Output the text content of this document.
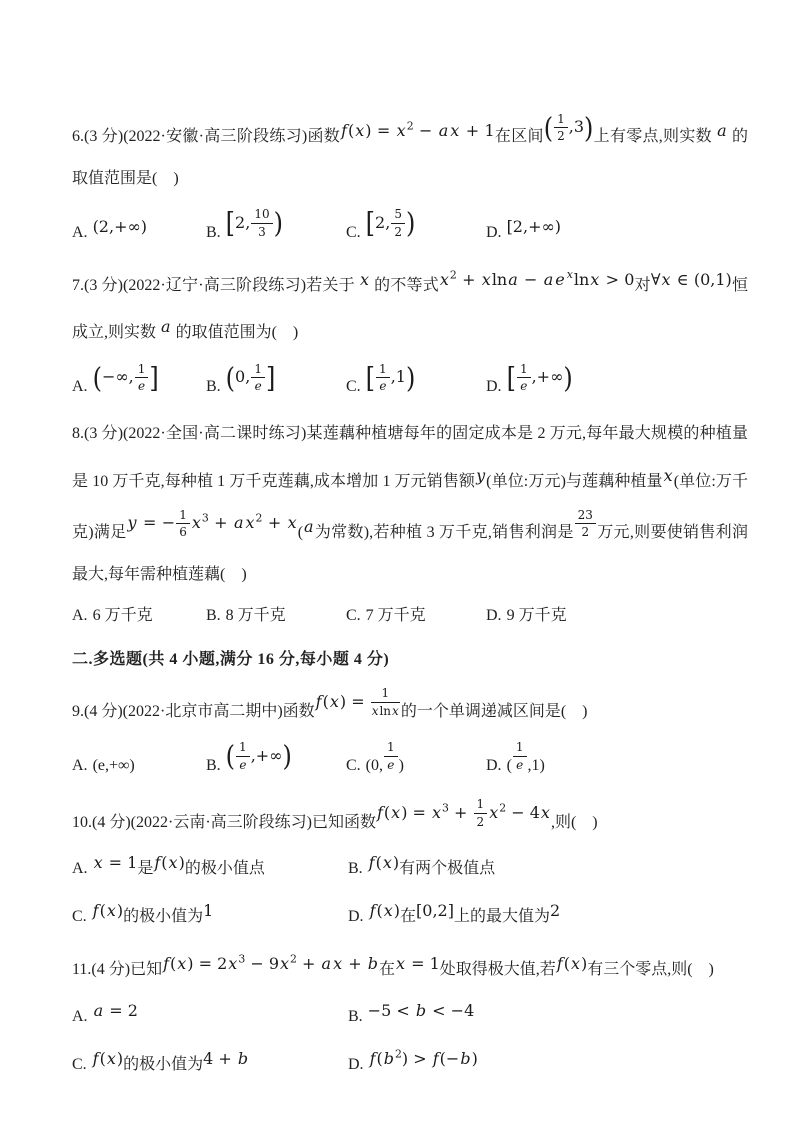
6.(3 分)(2022·安徽·高三阶段练习)函数$f(x) = x^2 - a$ x + 1在区间( $\frac{1}{2} ,3$)上有零点,则实数 a 的取值范围是(　)

A. (2,+∞)	B. [2, $\frac{10}{3}$ )	C. [2, $\frac{5}{2}$ )	D. [2,+∞)

7.(3 分)(2022·辽宁·高三阶段练习)若关于 x 的不等式$x^2 + xlna - a$ e $^x$lnx > 0对∀x ∈ (0,1)恒成立,则实数 a 的取值范围为(　)

A. (−∞, $\frac{1}{e}$ ]	B. (0, $\frac{1}{e}$ ]	C. [ $\frac{1}{e} ,1$)	D. [ $\frac{1}{e}$ ,+∞)

8.(3 分)(2022·全国·高二课时练习)某莲藕种植塘每年的固定成本是 2 万元,每年最大规模的种植量是 10 万千克,每种植 1 万千克莲藕,成本增加 1 万元销售额y(单位:万元)与莲藕种植量x(单位:万千克)满足y = − $\frac{1}{6} x^3 + a$ $x^2 + x(a$为常数),若种植 3 万千克,销售利润是 $\frac{23}{2}$ 万元,则要使销售利润最大,每年需种植莲藕(　)

A. 6 万千克	B. 8 万千克	C. 7 万千克	D. 9 万千克
二.多选题(共 4 小题,满分 16 分,每小题 4 分)

9.(4 分)(2022·北京市高二期中)函数$f(x) = \frac{1}{xlnx}$ 的一个单调递减区间是(　)

A. (e,+∞)	B. ( $\frac{1}{e}$ ,+∞)	C. (0, $\frac{1}{e}$ )	D. ( $\frac{1}{e} ,1$)

10.(4 分)(2022·云南·高三阶段练习)已知函数$f(x) = x^3 + \frac{1}{2} x^2 - 4x$,则(　)

A. x = 1是f(x)的极小值点	B. f(x)有两个极值点
C. f(x)的极小值为1	D. f(x)在[0,2]上的最大值为2

11.(4 分)已知$f(x) = 2x^3 - 9x^2 + a$ x + b在x = 1处取得极大值,若f(x)有三个零点,则(　)

A. a = 2	B. −5 < b < −4
C. f(x)的极小值为4 + b	D. $f(b^2) > f(-b)$
